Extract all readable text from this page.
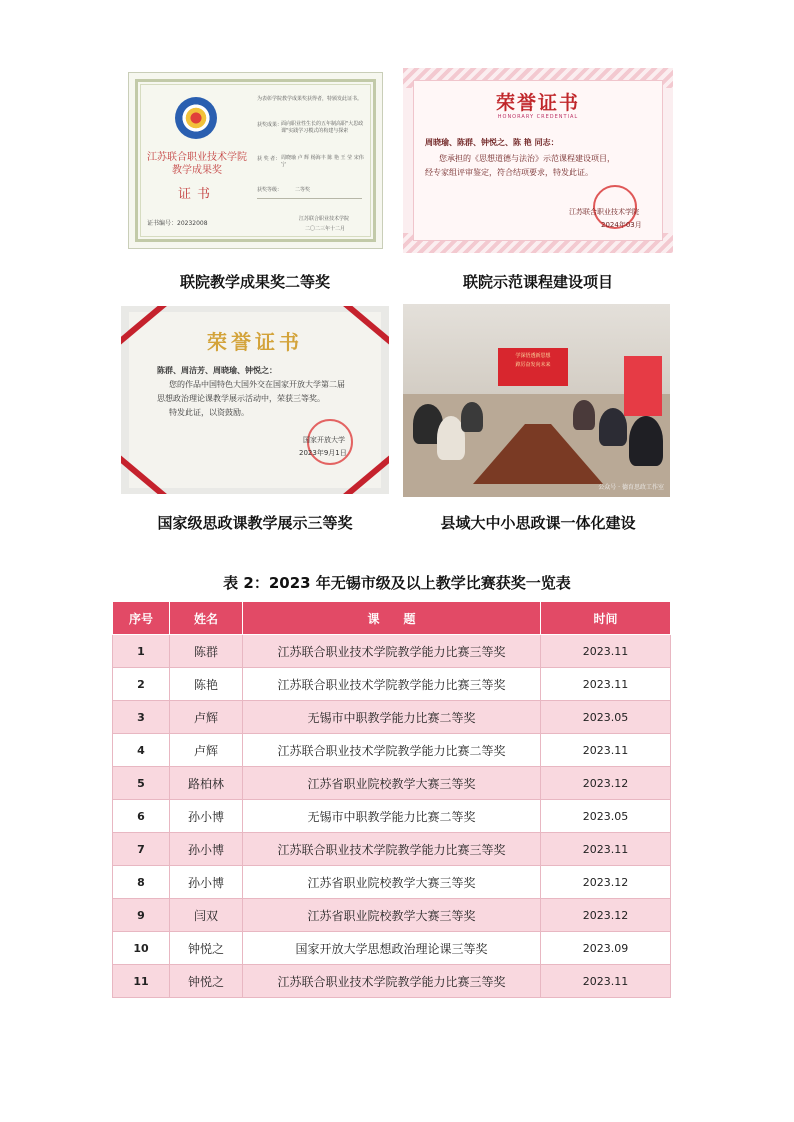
江苏联合职业技术学院
教学成果奖
证书
证书编号：20232008
为表彰学院教学成果奖获得者，特颁发此证书。
获奖成果：
面向职业性生长的五年制高职"大思政课"实践学习模式的构建与探索
获 奖 者： 周晓瑜 卢 辉 杨海丰 陈 艳 王 莹 宋伟宁
获奖等级：	二等奖
江苏联合职业技术学院
二〇二三年十二月
联院教学成果奖二等奖
荣誉证书
HONORARY CREDENTIAL
周晓瑜、陈群、钟悦之、陈 艳 同志：
您承担的《思想道德与法治》示范课程建设项目，
经专家组评审鉴定，符合结项要求，特发此证。
江苏联合职业技术学院
2024年03月
联院示范课程建设项目
荣誉证书
陈群、周洁芳、周晓瑜、钟悦之：
您的作品中国特色大国外交在国家开放大学第二届
思想政治理论课教学展示活动中，荣获三等奖。
特发此证，以资鼓励。
国家开放大学
2023年9月1日
国家级思政课教学展示三等奖
学深悟透新思想
踔厉奋发向未来
公众号 · 德育思政工作室
县域大中小思政课一体化建设
表 2：2023 年无锡市级及以上教学比赛获奖一览表
序号	姓名	课　　题	时间
1	陈群	江苏联合职业技术学院教学能力比赛三等奖	2023.11
2	陈艳	江苏联合职业技术学院教学能力比赛三等奖	2023.11
3	卢辉	无锡市中职教学能力比赛二等奖	2023.05
4	卢辉	江苏联合职业技术学院教学能力比赛二等奖	2023.11
5	路柏林	江苏省职业院校教学大赛三等奖	2023.12
6	孙小博	无锡市中职教学能力比赛二等奖	2023.05
7	孙小博	江苏联合职业技术学院教学能力比赛三等奖	2023.11
8	孙小博	江苏省职业院校教学大赛三等奖	2023.12
9	闫双	江苏省职业院校教学大赛三等奖	2023.12
10	钟悦之	国家开放大学思想政治理论课三等奖	2023.09
11	钟悦之	江苏联合职业技术学院教学能力比赛三等奖	2023.11
